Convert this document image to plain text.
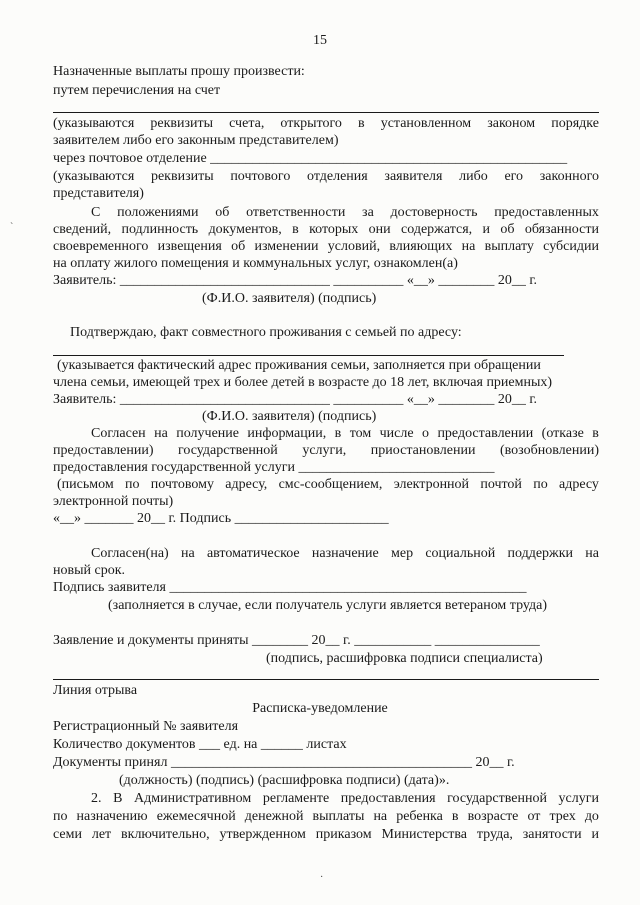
15
Назначенные выплаты прошу произвести:
путем перечисления на счет
(указываются реквизиты счета, открытого в установленном законом порядке
заявителем либо его законным представителем)
через почтовое отделение ___________________________________________________
(указываются реквизиты почтового отделения заявителя либо его законного
представителя)
С положениями об ответственности за достоверность предоставленных
сведений, подлинность документов, в которых они содержатся, и об обязанности
своевременного извещения об изменении условий, влияющих на выплату субсидии
на оплату жилого помещения и коммунальных услуг, ознакомлен(а)
Заявитель: ______________________________ __________ «__» ________ 20__ г.
(Ф.И.О. заявителя) (подпись)
Подтверждаю, факт совместного проживания с семьей по адресу:
(указывается фактический адрес проживания семьи, заполняется при обращении
члена семьи, имеющей трех и более детей в возрасте до 18 лет, включая приемных)
Заявитель: ______________________________ __________ «__» ________ 20__ г.
(Ф.И.О. заявителя) (подпись)
Согласен на получение информации, в том числе о предоставлении (отказе в
предоставлении) государственной услуги, приостановлении (возобновлении)
предоставления государственной услуги ____________________________
(письмом по почтовому адресу, смс-сообщением, электронной почтой по адресу
электронной почты)
«__» _______ 20__ г. Подпись ______________________
Согласен(на) на автоматическое назначение мер социальной поддержки на
новый срок.
Подпись заявителя ___________________________________________________
(заполняется в случае, если получатель услуги является ветераном труда)
Заявление и документы приняты ________ 20__ г. ___________ _______________
(подпись, расшифровка подписи специалиста)
Линия отрыва
Расписка-уведомление
Регистрационный № заявителя
Количество документов ___ ед. на ______ листах
Документы принял ___________________________________________ 20__ г.
(должность) (подпись) (расшифровка подписи) (дата)».
2. В Административном регламенте предоставления государственной услуги
по назначению ежемесячной денежной выплаты на ребенка в возрасте от трех до
семи лет включительно, утвержденном приказом Министерства труда, занятости и
`
·
